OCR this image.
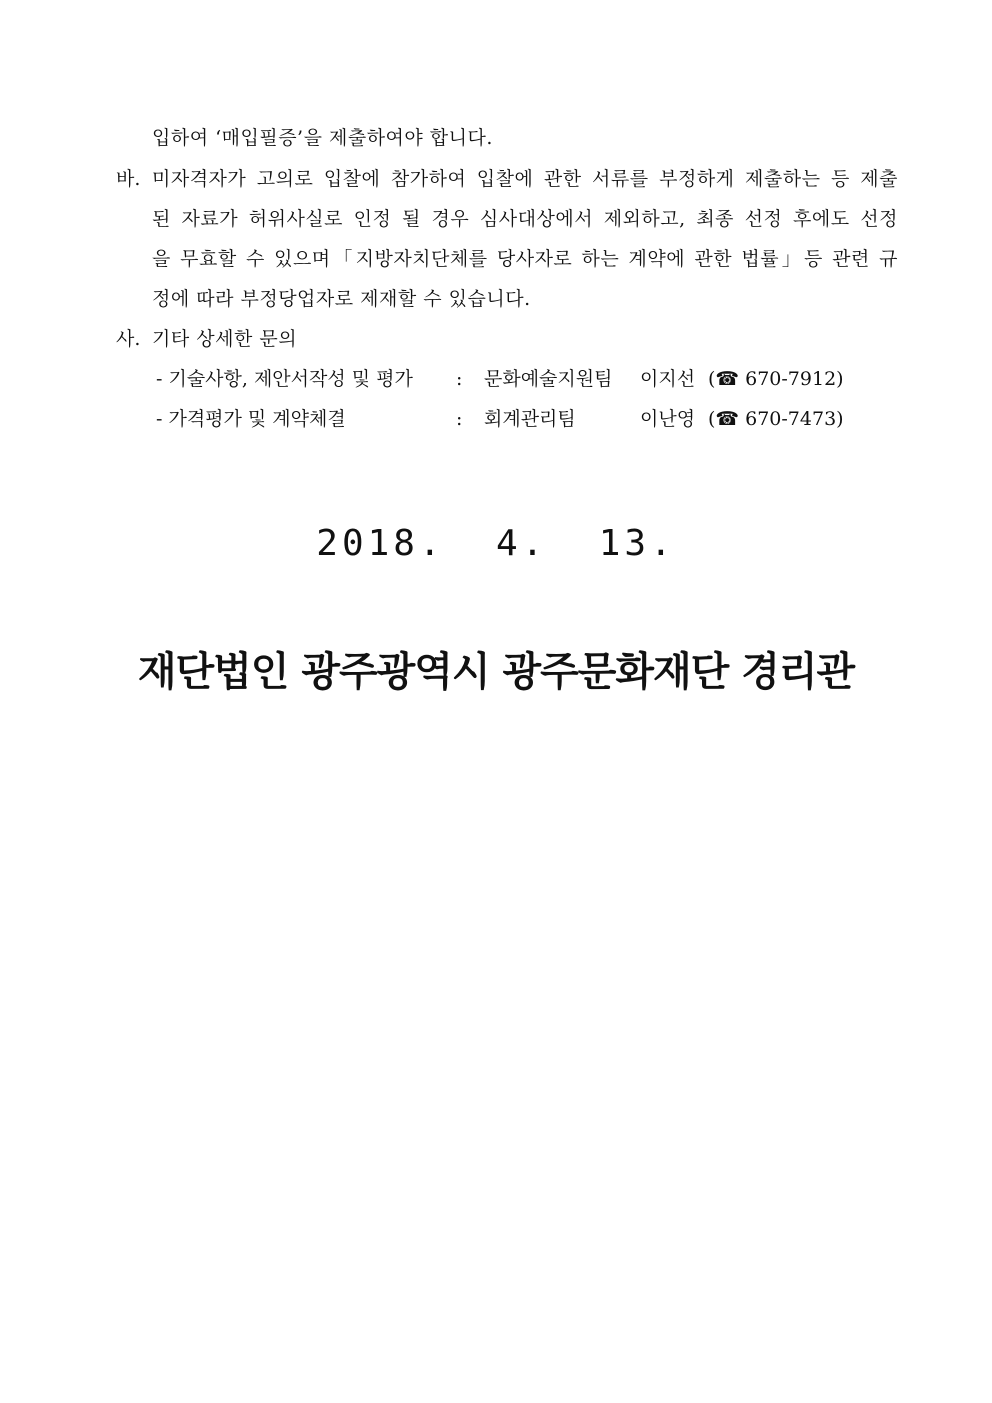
입하여 ‘매입필증’을 제출하여야 합니다.
바. 미자격자가 고의로 입찰에 참가하여 입찰에 관한 서류를 부정하게 제출하는 등 제출
된 자료가 허위사실로 인정 될 경우 심사대상에서 제외하고, 최종 선정 후에도 선정
을 무효할 수 있으며「지방자치단체를 당사자로 하는 계약에 관한 법률」등 관련 규
정에 따라 부정당업자로 제재할 수 있습니다.
사. 기타 상세한 문의
- 기술사항, 제안서작성 및 평가 : 문화예술지원팀 이지선 (☎ 670-7912)
- 가격평가 및 계약체결	: 회계관리팀	이난영 (☎ 670-7473)
2018.  4.  13.
재단법인 광주광역시 광주문화재단 경리관
